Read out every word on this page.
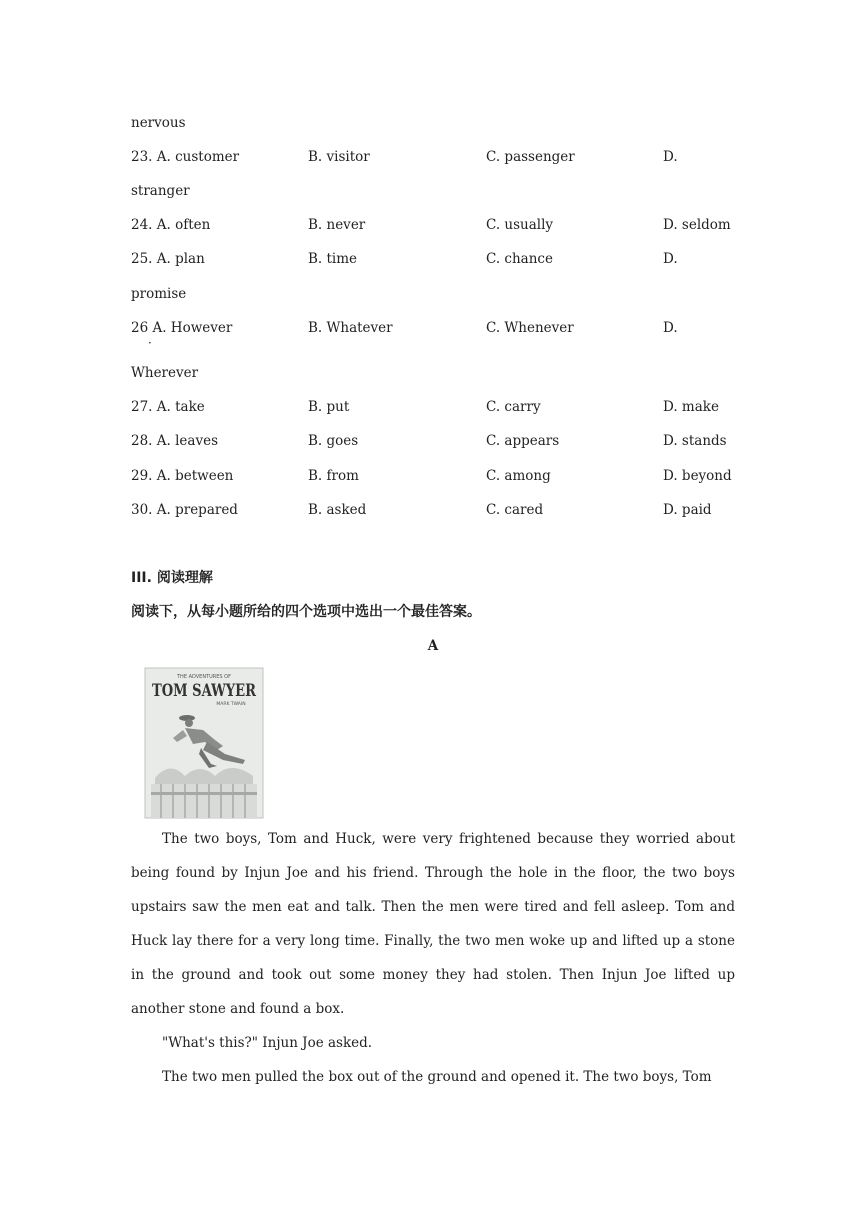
nervous
23. A. customer	B. visitor	C. passenger	D.
stranger
24. A. often	B. never	C. usually	D. seldom
25. A. plan	B. time	C. chance	D.
promise
26 A. However	B. Whatever	C. Whenever	D.
·
Wherever
27. A. take	B. put	C. carry	D. make
28. A. leaves	B. goes	C. appears	D. stands
29. A. between	B. from	C. among	D. beyond
30. A. prepared	B. asked	C. cared	D. paid
III. 阅读理解
阅读下，从每小题所给的四个选项中选出一个最佳答案。
A
THE ADVENTURES OF
TOM SAWYER
MARK TWAIN
The two boys, Tom and Huck, were very frightened because they worried about being found by Injun Joe and his friend. Through the hole in the floor, the two boys upstairs saw the men eat and talk. Then the men were tired and fell asleep. Tom and Huck lay there for a very long time. Finally, the two men woke up and lifted up a stone in the ground and took out some money they had stolen. Then Injun Joe lifted up another stone and found a box.
"What's this?" Injun Joe asked.
The two men pulled the box out of the ground and opened it. The two boys, Tom
